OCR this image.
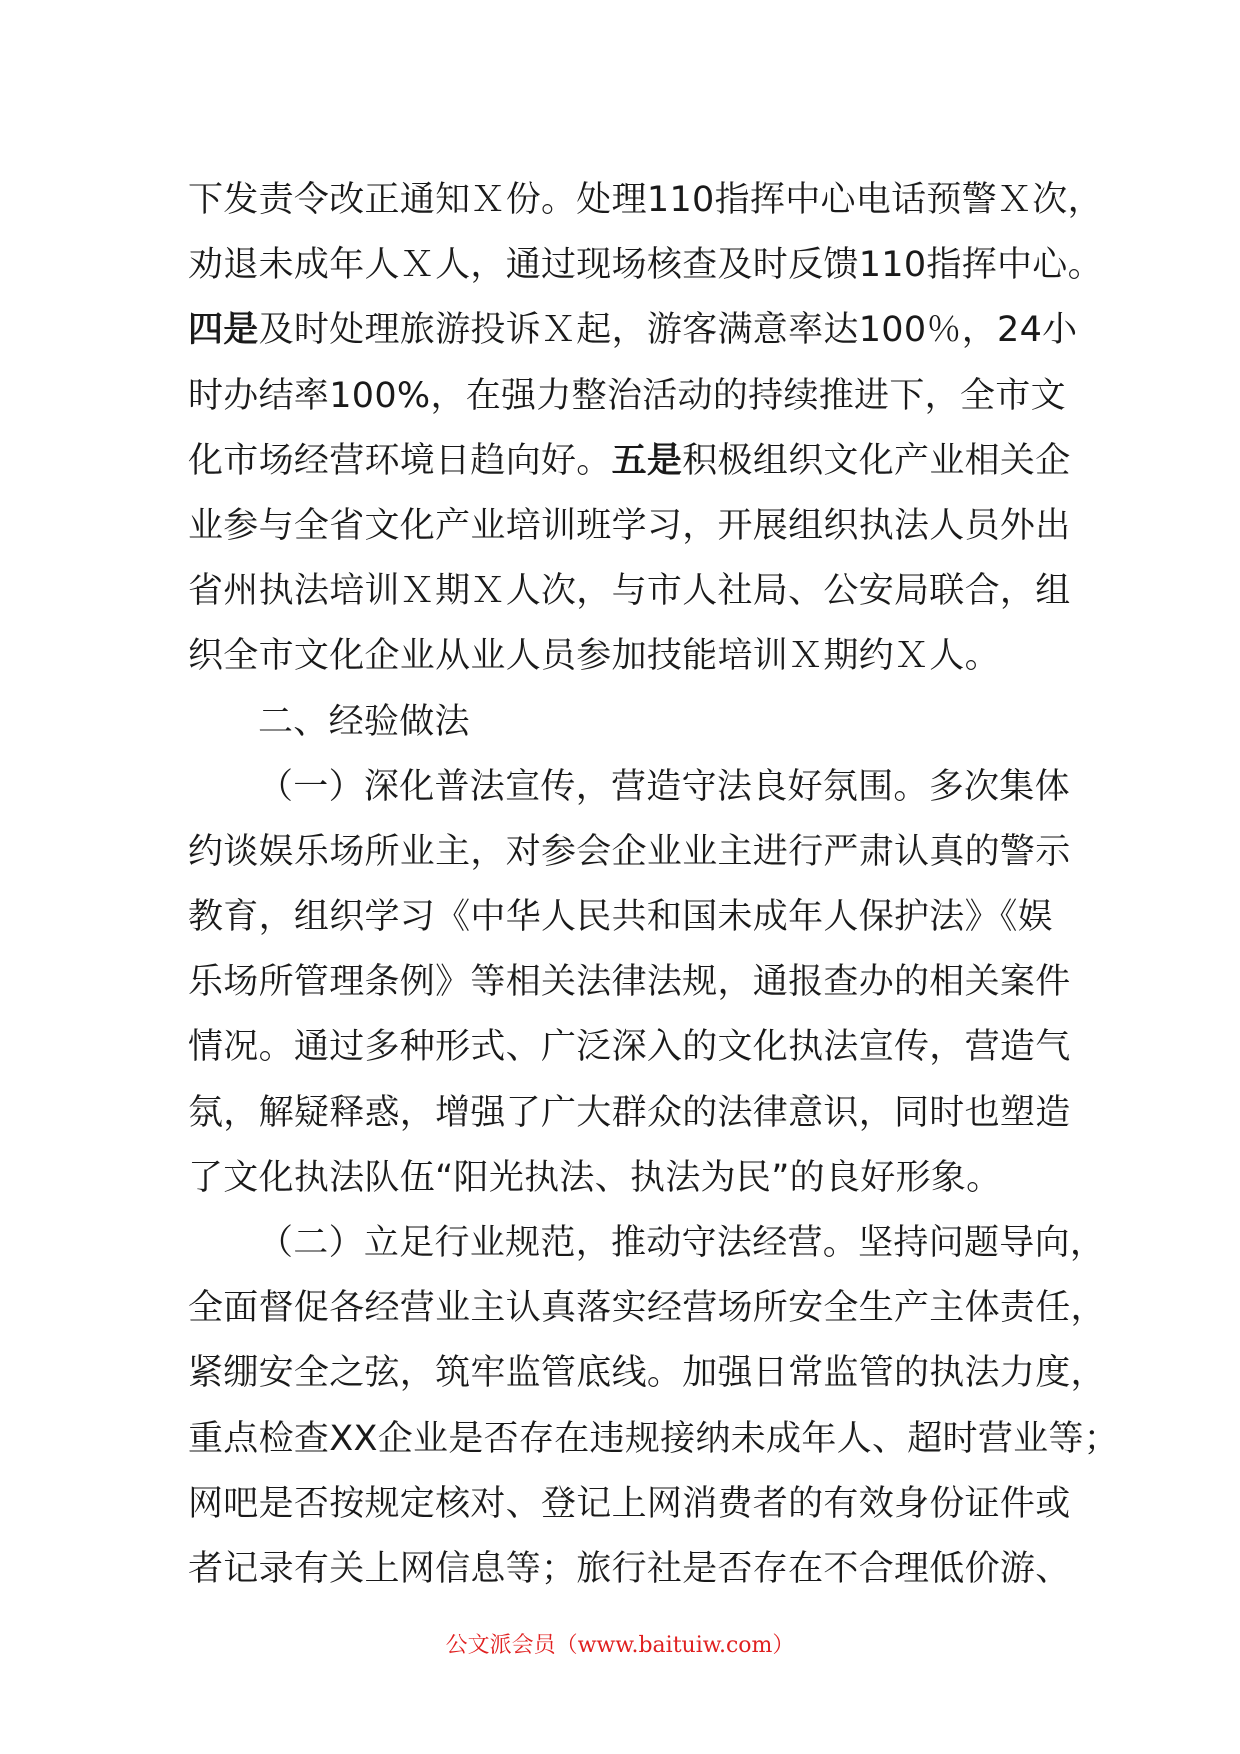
下发责令改正通知Ｘ份。处理110指挥中心电话预警Ｘ次，
劝退未成年人Ｘ人，通过现场核查及时反馈110指挥中心。
四是及时处理旅游投诉Ｘ起，游客满意率达100％，24小
时办结率100%，在强力整治活动的持续推进下，全市文
化市场经营环境日趋向好。五是积极组织文化产业相关企
业参与全省文化产业培训班学习，开展组织执法人员外出
省州执法培训Ｘ期Ｘ人次，与市人社局、公安局联合，组
织全市文化企业从业人员参加技能培训Ｘ期约Ｘ人。
二、经验做法
（一）深化普法宣传，营造守法良好氛围。多次集体
约谈娱乐场所业主，对参会企业业主进行严肃认真的警示
教育，组织学习《中华人民共和国未成年人保护法》《娱
乐场所管理条例》等相关法律法规，通报查办的相关案件
情况。通过多种形式、广泛深入的文化执法宣传，营造气
氛，解疑释惑，增强了广大群众的法律意识，同时也塑造
了文化执法队伍“阳光执法、执法为民”的良好形象。
（二）立足行业规范，推动守法经营。坚持问题导向，
全面督促各经营业主认真落实经营场所安全生产主体责任，
紧绷安全之弦，筑牢监管底线。加强日常监管的执法力度，
重点检查XX企业是否存在违规接纳未成年人、超时营业等；
网吧是否按规定核对、登记上网消费者的有效身份证件或
者记录有关上网信息等；旅行社是否存在不合理低价游、
公文派会员（www.baituiw.com）
